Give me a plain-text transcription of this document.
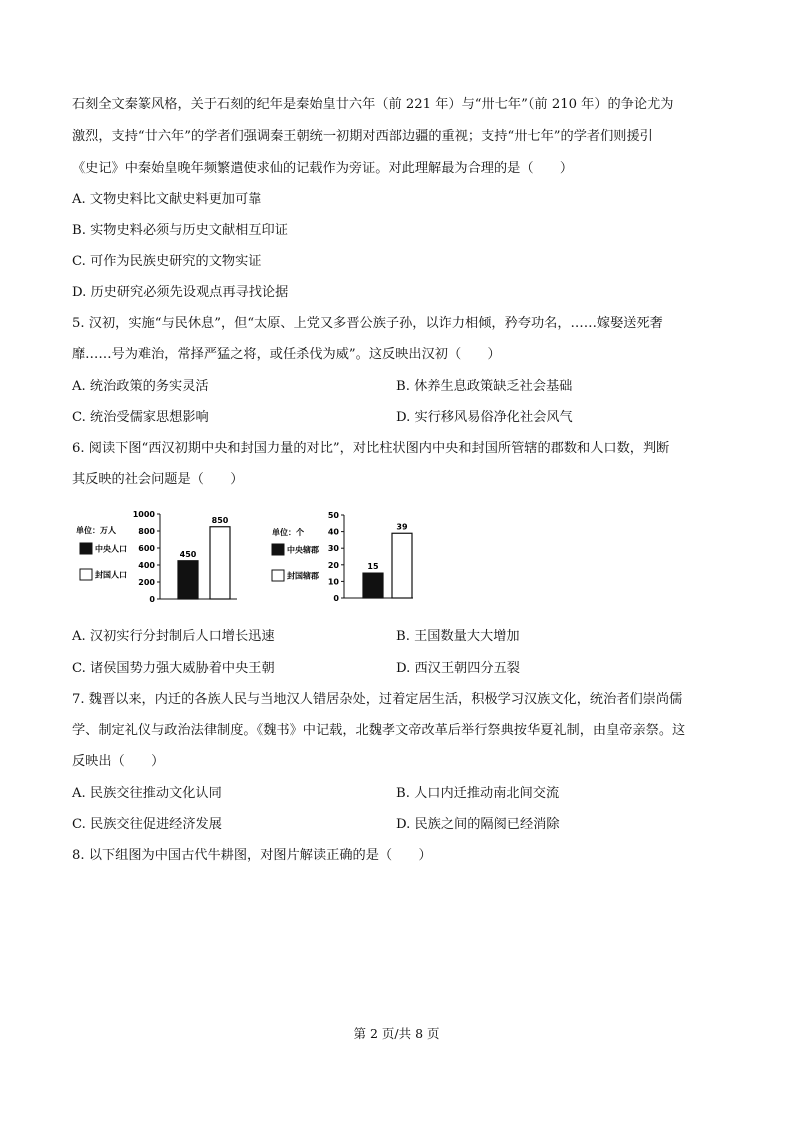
石刻全文秦篆风格，关于石刻的纪年是秦始皇廿六年（前 221 年）与“卅七年”（前 210 年）的争论尤为
激烈，支持“廿六年”的学者们强调秦王朝统一初期对西部边疆的重视；支持“卅七年”的学者们则援引
《史记》中秦始皇晚年频繁遣使求仙的记载作为旁证。对此理解最为合理的是（　　）
A. 文物史料比文献史料更加可靠
B. 实物史料必须与历史文献相互印证
C. 可作为民族史研究的文物实证
D. 历史研究必须先设观点再寻找论据
5. 汉初，实施“与民休息”，但“太原、上党又多晋公族子孙，以诈力相倾，矜夸功名，……嫁娶送死奢
靡……号为难治，常择严猛之将，或任杀伐为威”。这反映出汉初（　　）
A. 统治政策的务实灵活	B. 休养生息政策缺乏社会基础
C. 统治受儒家思想影响	D. 实行移风易俗净化社会风气
6. 阅读下图“西汉初期中央和封国力量的对比”，对比柱状图内中央和封国所管辖的郡数和人口数，判断
其反映的社会问题是（　　）
单位：万人
中央人口
封国人口
0
200
400
600
800
1000
450
850
单位：个
中央辖郡
封国辖郡
0
10
20
30
40
50
15
39
A. 汉初实行分封制后人口增长迅速	B. 王国数量大大增加
C. 诸侯国势力强大威胁着中央王朝	D. 西汉王朝四分五裂
7. 魏晋以来，内迁的各族人民与当地汉人错居杂处，过着定居生活，积极学习汉族文化，统治者们崇尚儒
学、制定礼仪与政治法律制度。《魏书》中记载，北魏孝文帝改革后举行祭典按华夏礼制，由皇帝亲祭。这
反映出（　　）
A. 民族交往推动文化认同	B. 人口内迁推动南北间交流
C. 民族交往促进经济发展	D. 民族之间的隔阂已经消除
8. 以下组图为中国古代牛耕图，对图片解读正确的是（　　）
第 2 页/共 8 页
